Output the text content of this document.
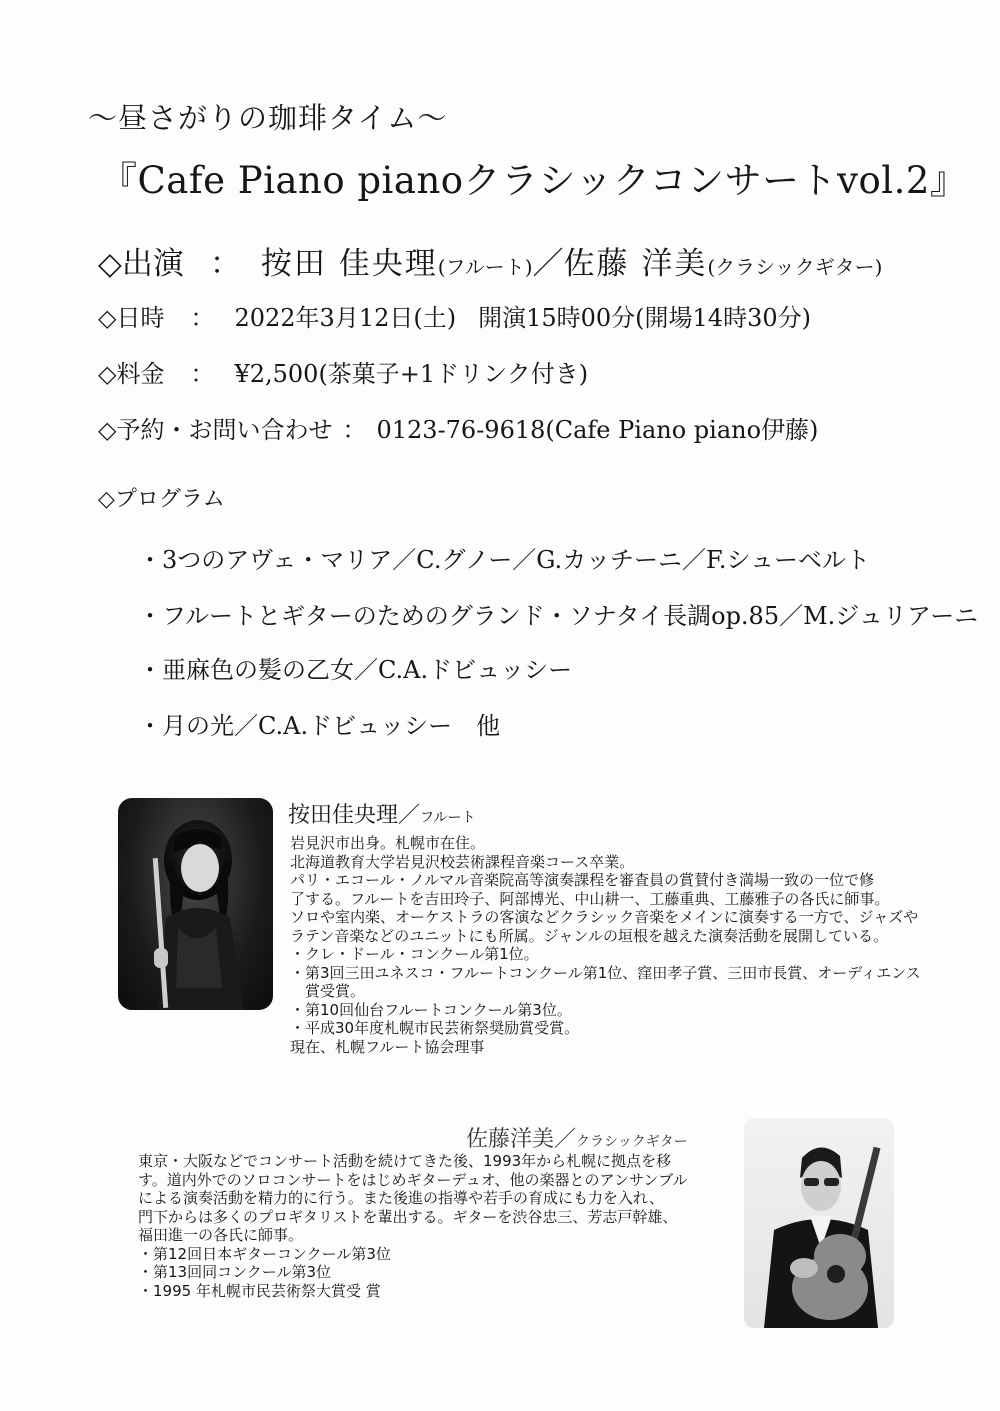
〜昼さがりの珈琲タイム〜
『Cafe Piano pianoクラシックコンサートvol.2』
◇出演 ： 按田 佳央理 (フルート) ／ 佐藤 洋美 (クラシックギター)
◇日時 ： 2022年3月12日(土) 開演15時00分(開場14時30分)
◇料金 ： ¥2,500(茶菓子+1ドリンク付き)
◇予約・お問い合わせ ： 0123-76-9618(Cafe Piano piano伊藤)
◇プログラム
・3つのアヴェ・マリア／C.グノー／G.カッチーニ／F.シューベルト
・フルートとギターのためのグランド・ソナタイ長調op.85／M.ジュリアーニ
・亜麻色の髪の乙女／C.A.ドビュッシー
・月の光／C.A.ドビュッシー　他
按田佳央理／フルート
岩見沢市出身。札幌市在住。
北海道教育大学岩見沢校芸術課程音楽コース卒業。
パリ・エコール・ノルマル音楽院高等演奏課程を審査員の賞賛付き満場一致の一位で修
了する。フルートを吉田玲子、阿部博光、中山耕一、工藤重典、工藤雅子の各氏に師事。
ソロや室内楽、オーケストラの客演などクラシック音楽をメインに演奏する一方で、ジャズや
ラテン音楽などのユニットにも所属。ジャンルの垣根を越えた演奏活動を展開している。
・クレ・ドール・コンクール第1位。
・第3回三田ユネスコ・フルートコンクール第1位、窪田孝子賞、三田市長賞、オーディエンス
　賞受賞。
・第10回仙台フルートコンクール第3位。
・平成30年度札幌市民芸術祭奨励賞受賞。
現在、札幌フルート協会理事
佐藤洋美／クラシックギター
東京・大阪などでコンサート活動を続けてきた後、1993年から札幌に拠点を移
す。道内外でのソロコンサートをはじめギターデュオ、他の楽器とのアンサンブル
による演奏活動を精力的に行う。また後進の指導や若手の育成にも力を入れ、
門下からは多くのプロギタリストを輩出する。ギターを渋谷忠三、芳志戸幹雄、
福田進一の各氏に師事。
・第12回日本ギターコンクール第3位
・第13回同コンクール第3位
・1995 年札幌市民芸術祭大賞受 賞
